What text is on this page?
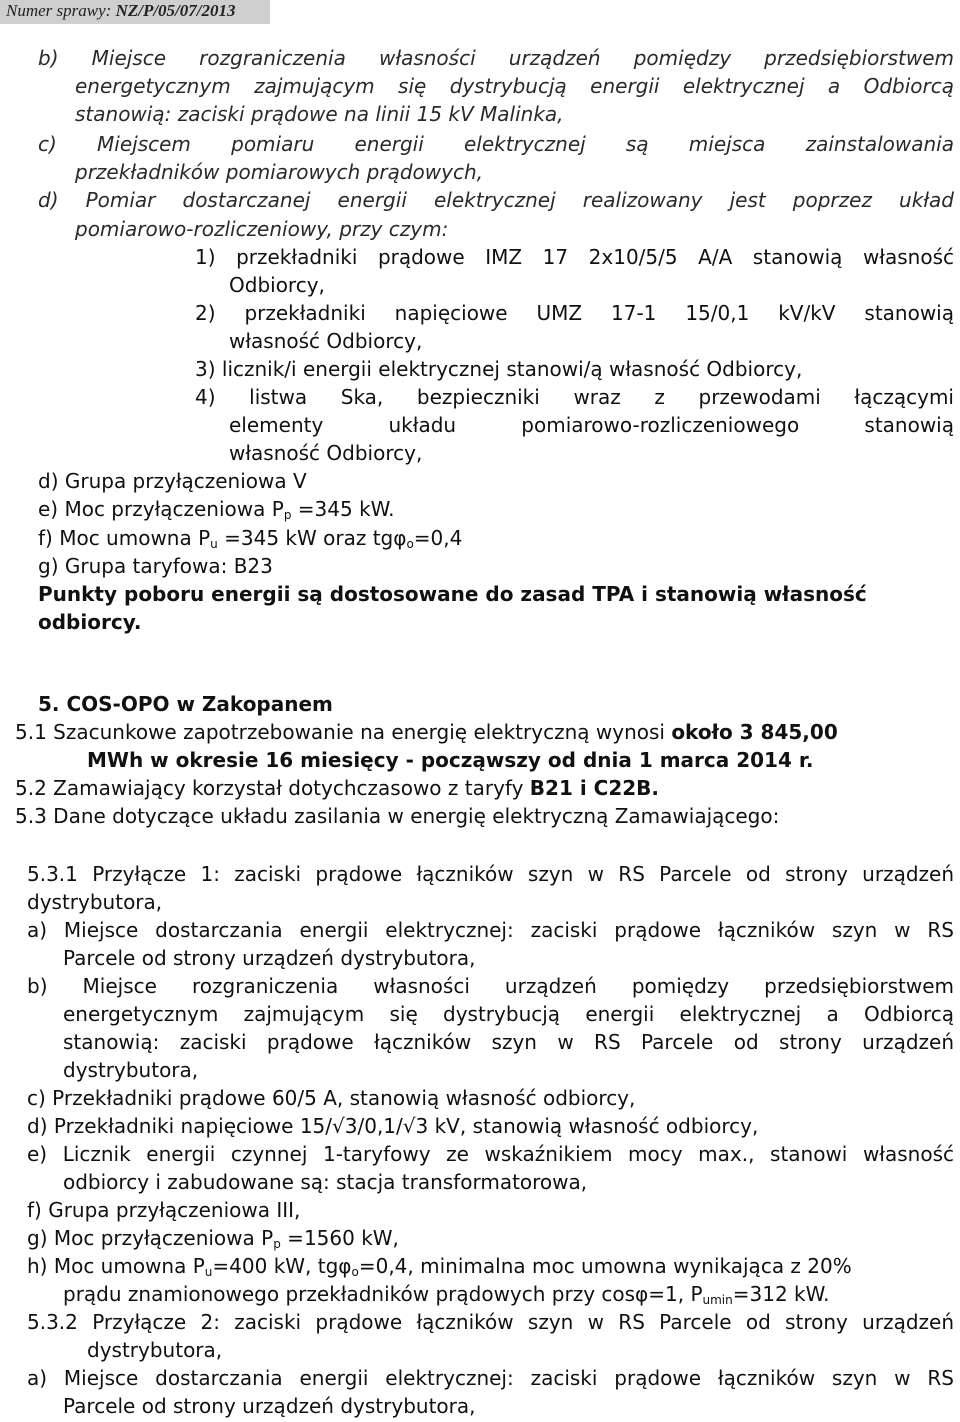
Numer sprawy: NZ/P/05/07/2013
b) Miejsce rozgraniczenia własności urządzeń pomiędzy przedsiębiorstwem
energetycznym zajmującym się dystrybucją energii elektrycznej a Odbiorcą
stanowią: zaciski prądowe na linii 15 kV Malinka,
c) Miejscem pomiaru energii elektrycznej są miejsca zainstalowania
przekładników pomiarowych prądowych,
d) Pomiar dostarczanej energii elektrycznej realizowany jest poprzez układ
pomiarowo-rozliczeniowy, przy czym:
1) przekładniki prądowe IMZ 17 2x10/5/5 A/A stanowią własność
Odbiorcy,
2) przekładniki napięciowe UMZ 17-1 15/0,1 kV/kV stanowią
własność Odbiorcy,
3) licznik/i energii elektrycznej stanowi/ą własność Odbiorcy,
4) listwa Ska, bezpieczniki wraz z przewodami łączącymi
elementy układu pomiarowo-rozliczeniowego stanowią
własność Odbiorcy,
d) Grupa przyłączeniowa V
e) Moc przyłączeniowa $P_p =345$ kW.
f) Moc umowna $P_u =345$ kW oraz tgφ$_o$=0,4
g) Grupa taryfowa: B23
Punkty poboru energii są dostosowane do zasad TPA i stanowią własność
odbiorcy.
5. COS-OPO w Zakopanem
5.1 Szacunkowe zapotrzebowanie na energię elektryczną wynosi około 3 845,00
MWh w okresie 16 miesięcy - począwszy od dnia 1 marca 2014 r.
5.2 Zamawiający korzystał dotychczasowo z taryfy B21 i C22B.
5.3 Dane dotyczące układu zasilania w energię elektryczną Zamawiającego:
5.3.1 Przyłącze 1: zaciski prądowe łączników szyn w RS Parcele od strony urządzeń
dystrybutora,
a) Miejsce dostarczania energii elektrycznej: zaciski prądowe łączników szyn w RS
Parcele od strony urządzeń dystrybutora,
b) Miejsce rozgraniczenia własności urządzeń pomiędzy przedsiębiorstwem
energetycznym zajmującym się dystrybucją energii elektrycznej a Odbiorcą
stanowią: zaciski prądowe łączników szyn w RS Parcele od strony urządzeń
dystrybutora,
c) Przekładniki prądowe 60/5 A, stanowią własność odbiorcy,
d) Przekładniki napięciowe 15/√3/0,1/√3 kV, stanowią własność odbiorcy,
e) Licznik energii czynnej 1-taryfowy ze wskaźnikiem mocy max., stanowi własność
odbiorcy i zabudowane są: stacja transformatorowa,
f) Grupa przyłączeniowa III,
g) Moc przyłączeniowa $P_p =1560$ kW,
h) Moc umowna $P_u=400$ kW, tgφ$_o$=0,4, minimalna moc umowna wynikająca z 20%
prądu znamionowego przekładników prądowych przy cosφ=1, $P_{umin}=312$ kW.
5.3.2 Przyłącze 2: zaciski prądowe łączników szyn w RS Parcele od strony urządzeń
dystrybutora,
a) Miejsce dostarczania energii elektrycznej: zaciski prądowe łączników szyn w RS
Parcele od strony urządzeń dystrybutora,
